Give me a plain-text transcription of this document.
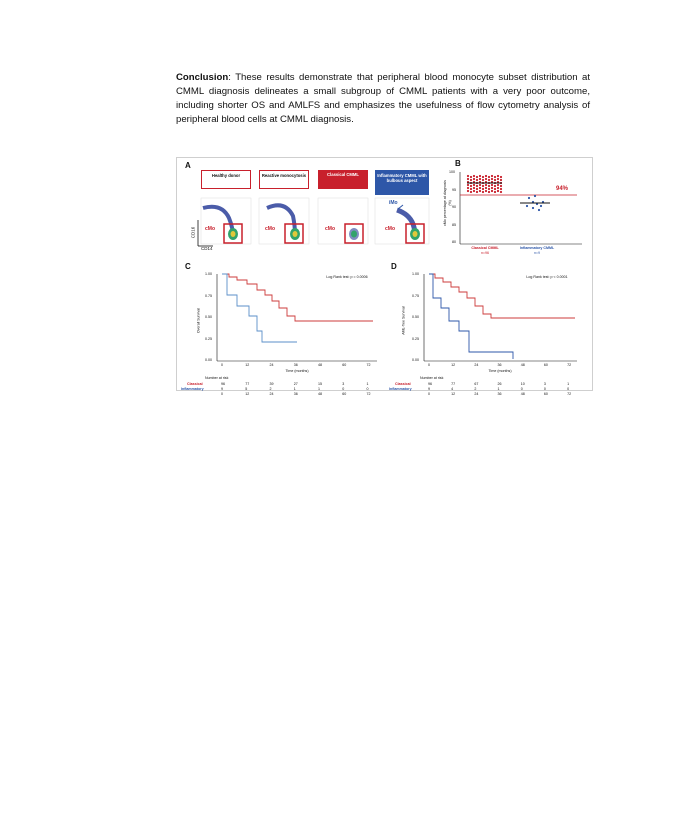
Conclusion: These results demonstrate that peripheral blood monocyte subset distribution at CMML diagnosis delineates a small subgroup of CMML patients with a very poor outcome, including shorter OS and AMLFS and emphasizes the usefulness of flow cytometry analysis of peripheral blood cells at CMML diagnosis.
A
Healthy donor	Reactive monocytosis	Classical CMML	Inflammatory CMML with bulbous aspect
cMo	cMo	cMo	cMo
iMo
CD16
CD14
B
cMo percentage at diagnosis (%)
100
95
90
85
80
94%
Classical CMML
n=96
Inflammatory CMML
n=9
C
Overall Survival
Log Rank test: p = 0.0006
Time (months)
Number at risk
Classical
Inflammatory
D
AML-free Survival
Log Rank test: p < 0.0001
Time (months)
Number at risk
Classical
Inflammatory
1.00
0.75
0.50
0.25
0.00
0	12	24	36	48	60	72
96	77	39	27	15	3	1
9	5	2	1	1	0	0
0	12	24	36	48	60	72
1.00
0.75
0.50
0.25
0.00
0	12	24	36	48	60	72
96	77	67	26	10	3	1
9	4	2	1	0	0	0
0	12	24	36	48	60	72
